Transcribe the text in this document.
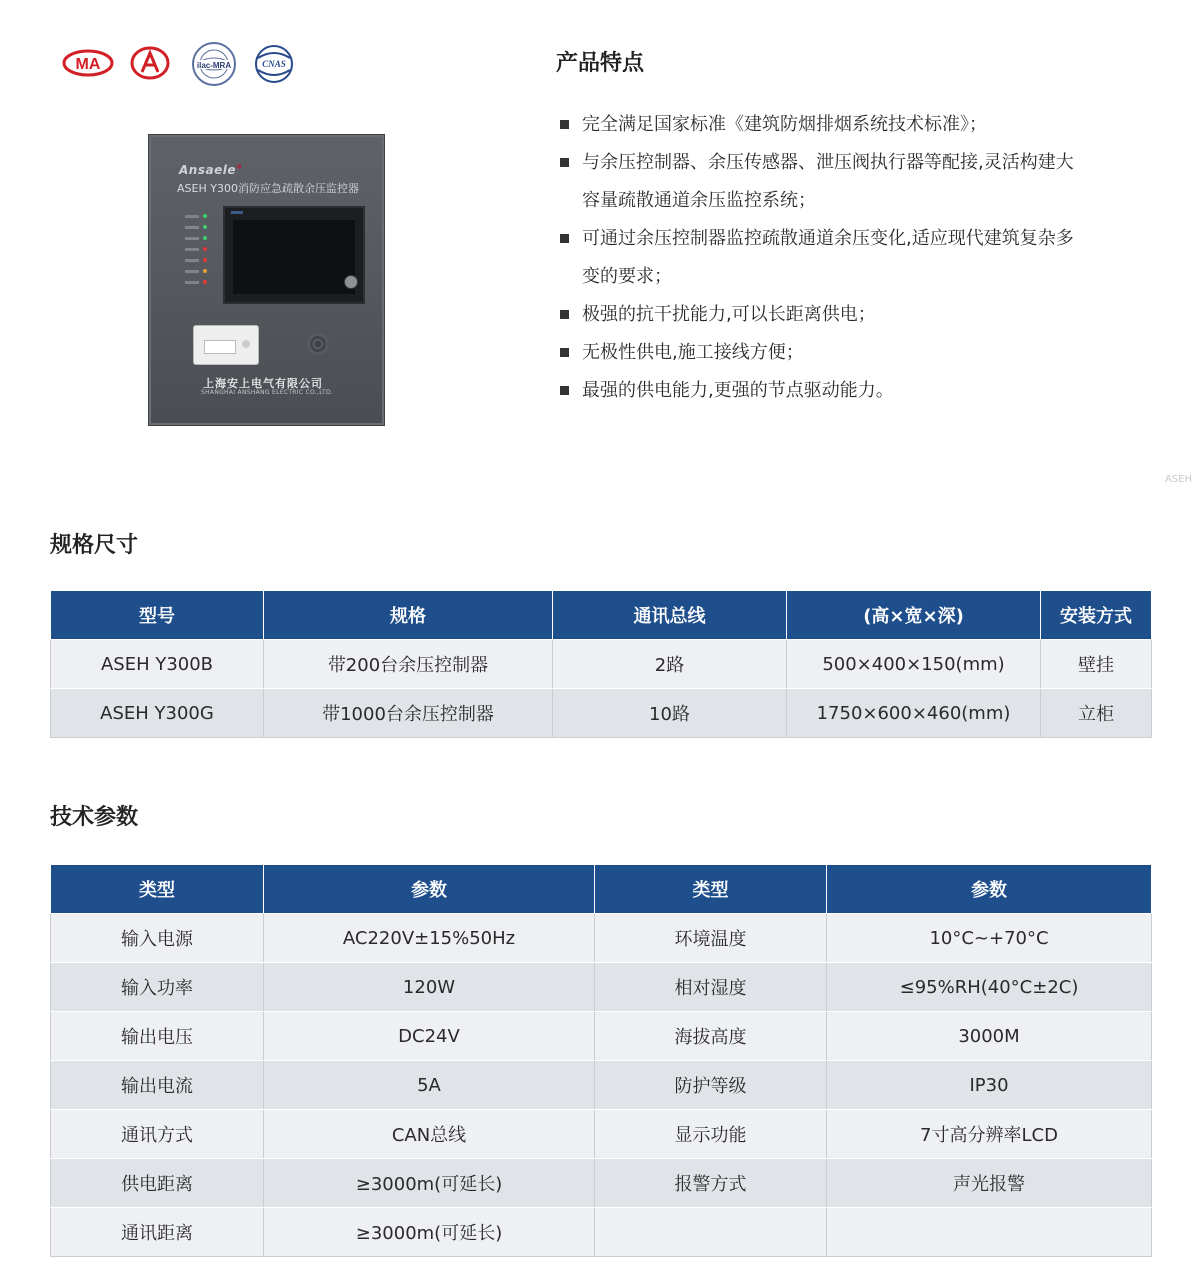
MA	ilac-MRA	CNAS
Ansaele°
ASEH Y300消防应急疏散余压监控器
上海安上电气有限公司
SHANGHAI ANSHANG ELECTRIC CO.,LTD.
产品特点
完全满足国家标准《建筑防烟排烟系统技术标准》；
与余压控制器、余压传感器、泄压阀执行器等配接,灵活构建大容量疏散通道余压监控系统；
可通过余压控制器监控疏散通道余压变化,适应现代建筑复杂多变的要求；
极强的抗干扰能力,可以长距离供电；
无极性供电,施工接线方便；
最强的供电能力,更强的节点驱动能力。
ASEH
规格尺寸
型号	规格	通讯总线	(高×宽×深)	安装方式
ASEH Y300B	带200台余压控制器	2路	500×400×150(mm)	壁挂
ASEH Y300G	带1000台余压控制器	10路	1750×600×460(mm)	立柜
技术参数
类型	参数	类型	参数
输入电源	AC220V±15%50Hz	环境温度	10°C~+70°C
输入功率	120W	相对湿度	≤95%RH(40°C±2C)
输出电压	DC24V	海拔高度	3000M
输出电流	5A	防护等级	IP30
通讯方式	CAN总线	显示功能	7寸高分辨率LCD
供电距离	≥3000m(可延长)	报警方式	声光报警
通讯距离	≥3000m(可延长)		
